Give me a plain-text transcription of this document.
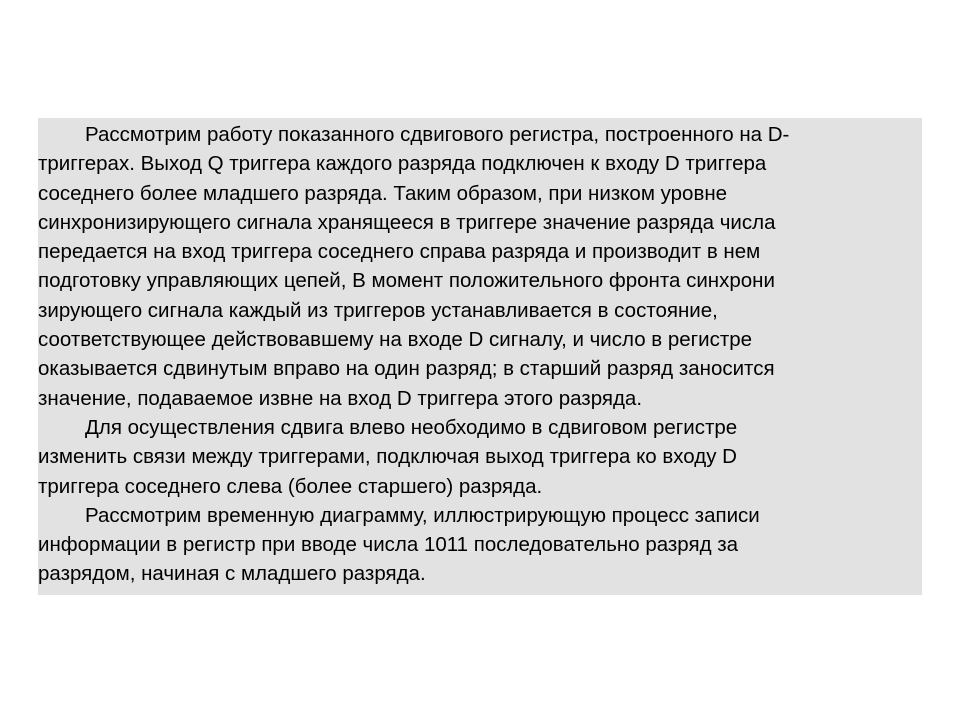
Рассмотрим работу показанного сдвигового регистра, построенного на D-

триггерах. Выход Q триггера каждого разряда подключен к входу D триггера

соседнего более младшего разряда. Таким образом, при низком уровне

синхронизирующего сигнала хранящееся в триггере значение разряда числа

передается на вход триггера соседнего справа разряда и производит в нем

подготовку управляющих цепей, В момент положительного фронта синхрони

зирующего сигнала каждый из триггеров устанавливается в состояние,

соответствующее действовавшему на входе D сигналу, и число в регистре

оказывается сдвинутым вправо на один разряд; в старший разряд заносится

значение, подаваемое извне на вход D триггера этого разряда.

Для осуществления сдвига влево необходимо в сдвиговом регистре

изменить связи между триггерами, подключая выход триггера ко входу D

триггера соседнего слева (более старшего) разряда.

Рассмотрим временную диаграмму, иллюстрирующую процесс записи

информации в регистр при вводе числа 1011 последовательно разряд за

разрядом, начиная с младшего разряда.
